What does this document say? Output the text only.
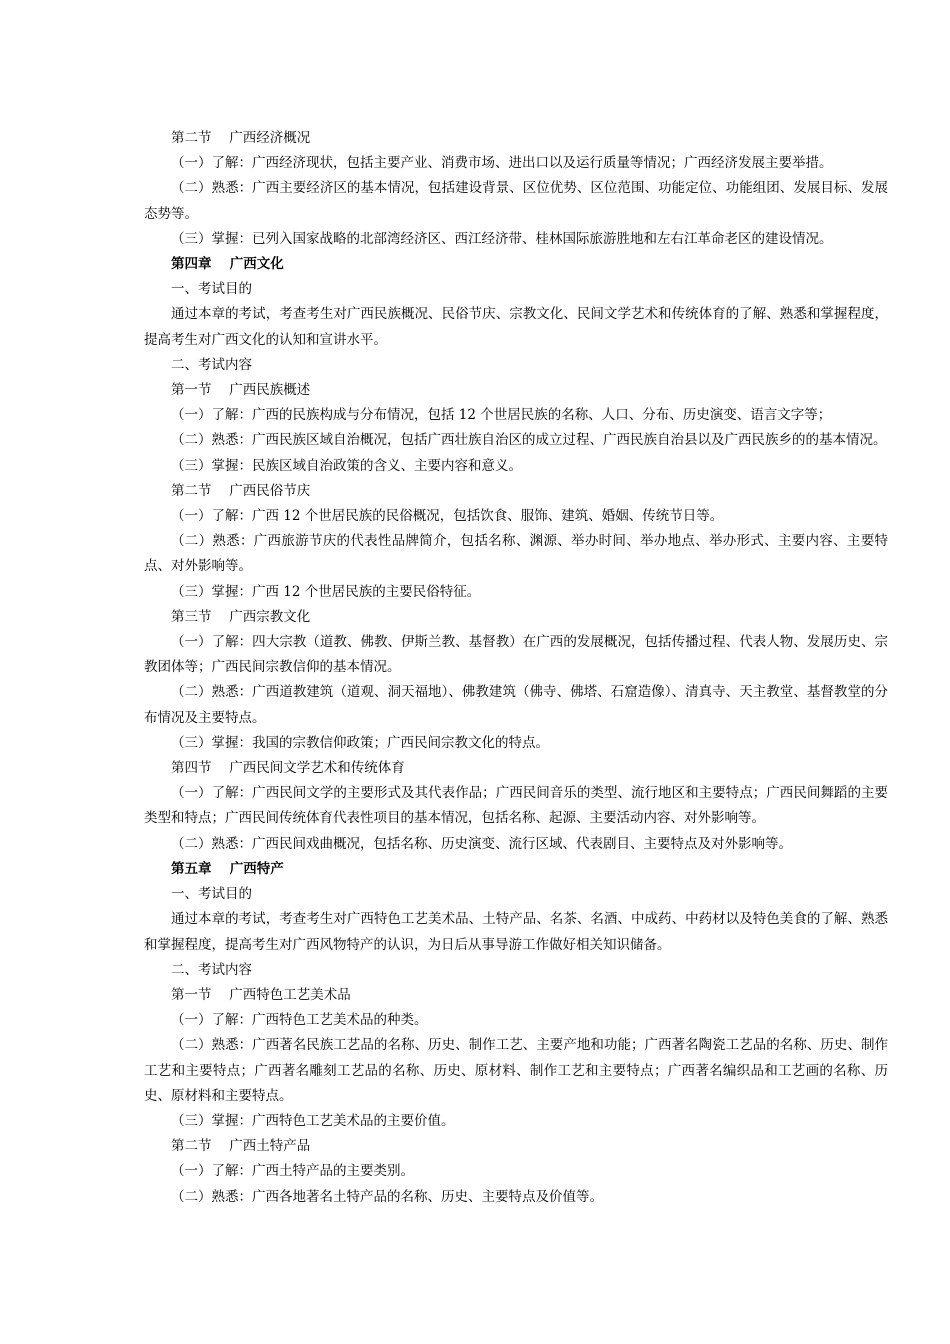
第二节　 广西经济概况

（一）了解：广西经济现状，包括主要产业、消费市场、进出口以及运行质量等情况；广西经济发展主要举措。

（二）熟悉：广西主要经济区的基本情况，包括建设背景、区位优势、区位范围、功能定位、功能组团、发展目标、发展态势等。

（三）掌握：已列入国家战略的北部湾经济区、西江经济带、桂林国际旅游胜地和左右江革命老区的建设情况。

第四章　 广西文化

一、考试目的

通过本章的考试，考查考生对广西民族概况、民俗节庆、宗教文化、民间文学艺术和传统体育的了解、熟悉和掌握程度，提高考生对广西文化的认知和宣讲水平。

二、考试内容

第一节　 广西民族概述

（一）了解：广西的民族构成与分布情况，包括 12 个世居民族的名称、人口、分布、历史演变、语言文字等；

（二）熟悉：广西民族区域自治概况，包括广西壮族自治区的成立过程、广西民族自治县以及广西民族乡的的基本情况。

（三）掌握：民族区域自治政策的含义、主要内容和意义。

第二节　 广西民俗节庆

（一）了解：广西 12 个世居民族的民俗概况，包括饮食、服饰、建筑、婚姻、传统节日等。

（二）熟悉：广西旅游节庆的代表性品牌简介，包括名称、渊源、举办时间、举办地点、举办形式、主要内容、主要特点、对外影响等。

（三）掌握：广西 12 个世居民族的主要民俗特征。

第三节　 广西宗教文化

（一）了解：四大宗教（道教、佛教、伊斯兰教、基督教）在广西的发展概况，包括传播过程、代表人物、发展历史、宗教团体等；广西民间宗教信仰的基本情况。

（二）熟悉：广西道教建筑（道观、洞天福地）、佛教建筑（佛寺、佛塔、石窟造像）、清真寺、天主教堂、基督教堂的分布情况及主要特点。

（三）掌握：我国的宗教信仰政策；广西民间宗教文化的特点。

第四节　 广西民间文学艺术和传统体育

（一）了解：广西民间文学的主要形式及其代表作品；广西民间音乐的类型、流行地区和主要特点；广西民间舞蹈的主要类型和特点；广西民间传统体育代表性项目的基本情况，包括名称、起源、主要活动内容、对外影响等。

（二）熟悉：广西民间戏曲概况，包括名称、历史演变、流行区域、代表剧目、主要特点及对外影响等。

第五章　 广西特产

一、考试目的

通过本章的考试，考查考生对广西特色工艺美术品、土特产品、名茶、名酒、中成药、中药材以及特色美食的了解、熟悉和掌握程度，提高考生对广西风物特产的认识，为日后从事导游工作做好相关知识储备。

二、考试内容

第一节　 广西特色工艺美术品

（一）了解：广西特色工艺美术品的种类。

（二）熟悉：广西著名民族工艺品的名称、历史、制作工艺、主要产地和功能；广西著名陶瓷工艺品的名称、历史、制作工艺和主要特点；广西著名雕刻工艺品的名称、历史、原材料、制作工艺和主要特点；广西著名编织品和工艺画的名称、历史、原材料和主要特点。

（三）掌握：广西特色工艺美术品的主要价值。

第二节　 广西土特产品

（一）了解：广西土特产品的主要类别。

（二）熟悉：广西各地著名土特产品的名称、历史、主要特点及价值等。
